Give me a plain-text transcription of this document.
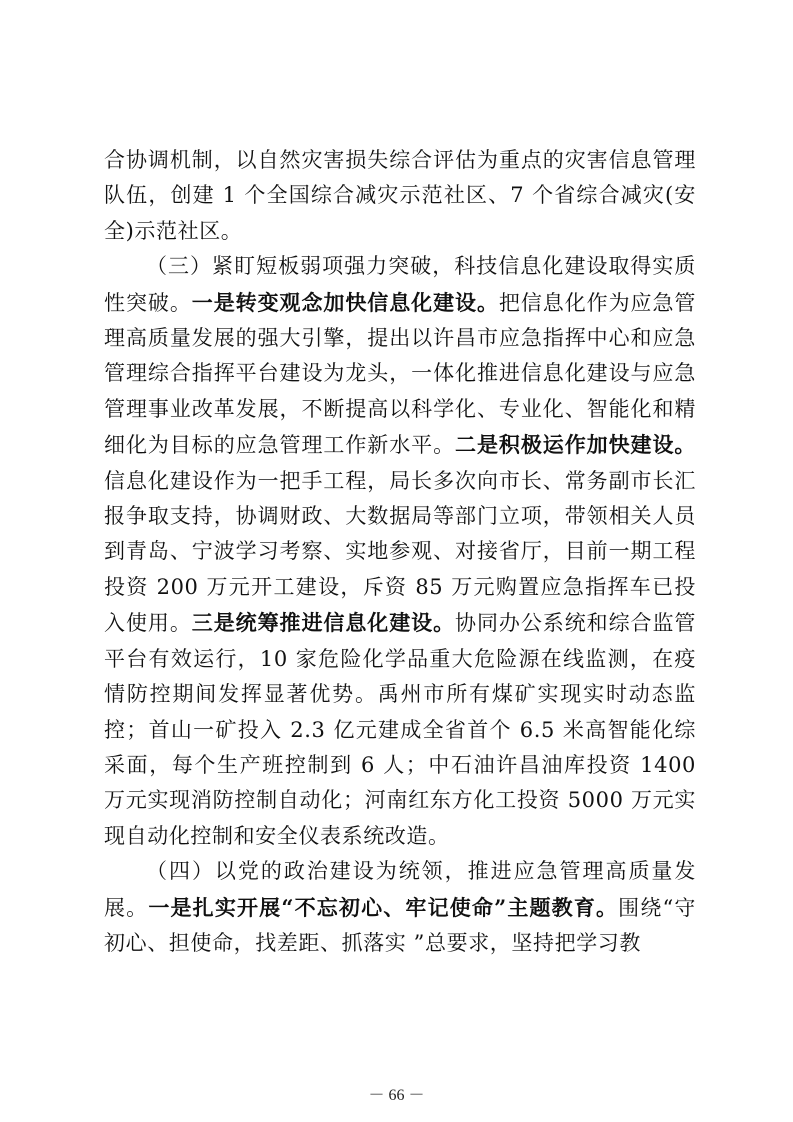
合协调机制，以自然灾害损失综合评估为重点的灾害信息管理队伍，创建 1 个全国综合减灾示范社区、7 个省综合减灾(安全)示范社区。

（三）紧盯短板弱项强力突破，科技信息化建设取得实质性突破。一是转变观念加快信息化建设。把信息化作为应急管理高质量发展的强大引擎，提出以许昌市应急指挥中心和应急管理综合指挥平台建设为龙头，一体化推进信息化建设与应急管理事业改革发展，不断提高以科学化、专业化、智能化和精细化为目标的应急管理工作新水平。二是积极运作加快建设。信息化建设作为一把手工程，局长多次向市长、常务副市长汇报争取支持，协调财政、大数据局等部门立项，带领相关人员到青岛、宁波学习考察、实地参观、对接省厅，目前一期工程投资 200 万元开工建设，斥资 85 万元购置应急指挥车已投入使用。三是统筹推进信息化建设。协同办公系统和综合监管平台有效运行，10 家危险化学品重大危险源在线监测，在疫情防控期间发挥显著优势。禹州市所有煤矿实现实时动态监控；首山一矿投入 2.3 亿元建成全省首个 6.5 米高智能化综采面，每个生产班控制到 6 人；中石油许昌油库投资 1400 万元实现消防控制自动化；河南红东方化工投资 5000 万元实现自动化控制和安全仪表系统改造。

（四）以党的政治建设为统领，推进应急管理高质量发展。一是扎实开展“不忘初心、牢记使命”主题教育。围绕“守初心、担使命，找差距、抓落实 ”总要求，坚持把学习教

－ 66 －
